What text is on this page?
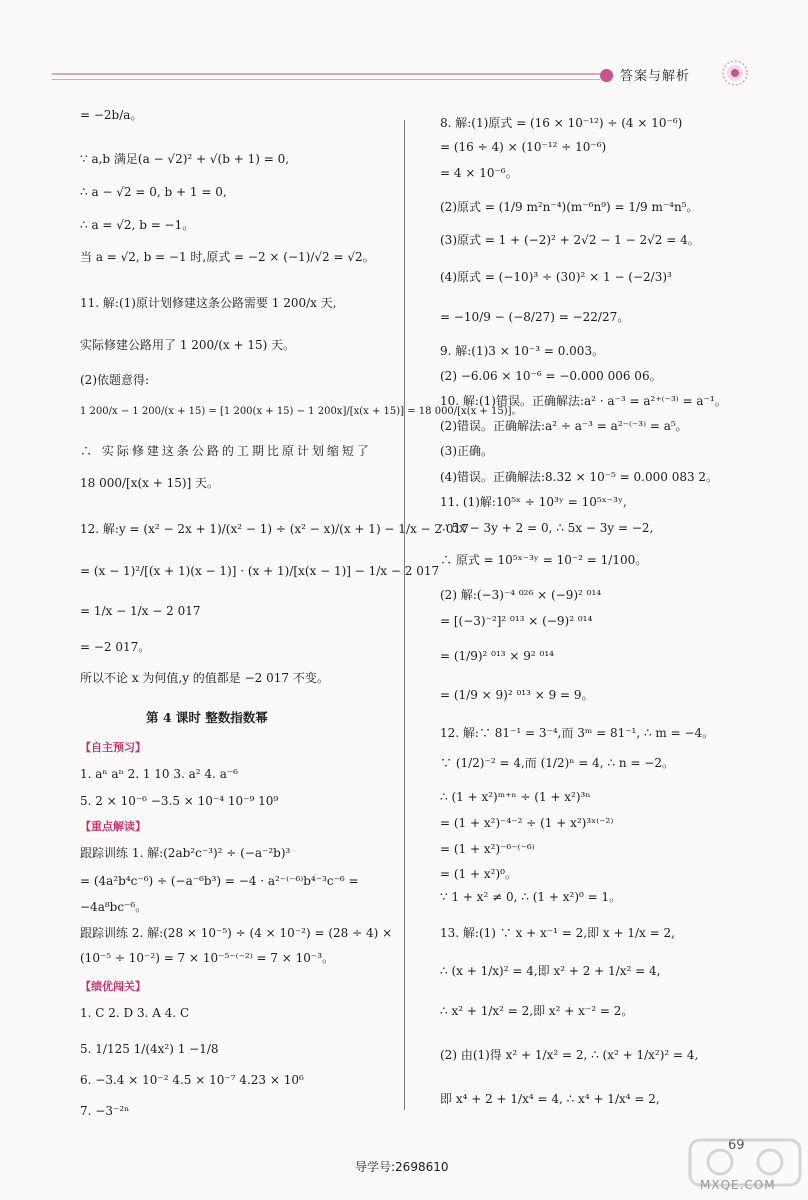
答案与解析
= −2b/a。
∵ a,b 满足(a − √2)² + √(b + 1) = 0,
∴ a − √2 = 0, b + 1 = 0,
∴ a = √2, b = −1。
当 a = √2, b = −1 时,原式 = −2 × (−1)/√2 = √2。
11. 解:(1)原计划修建这条公路需要 1 200/x 天,
实际修建公路用了 1 200/(x + 15) 天。
(2)依题意得:
1 200/x − 1 200/(x + 15) = [1 200(x + 15) − 1 200x]/[x(x + 15)] = 18 000/[x(x + 15)]。
∴ 实际修建这条公路的工期比原计划缩短了
18 000/[x(x + 15)] 天。
12. 解:y = (x² − 2x + 1)/(x² − 1) ÷ (x² − x)/(x + 1) − 1/x − 2 017
= (x − 1)²/[(x + 1)(x − 1)] · (x + 1)/[x(x − 1)] − 1/x − 2 017
= 1/x − 1/x − 2 017
= −2 017。
所以不论 x 为何值,y 的值都是 −2 017 不变。
第 4 课时 整数指数幂
【自主预习】
1. aⁿ aⁿ 2. 1 10 3. a² 4. a⁻⁶
5. 2 × 10⁻⁶ −3.5 × 10⁻⁴ 10⁻⁹ 10⁹
【重点解读】
跟踪训练 1. 解:(2ab²c⁻³)² ÷ (−a⁻²b)³
= (4a²b⁴c⁻⁶) ÷ (−a⁻⁶b³) = −4 · a²⁻⁽⁻⁶⁾b⁴⁻³c⁻⁶ =
−4a⁸bc⁻⁶。
跟踪训练 2. 解:(28 × 10⁻⁵) ÷ (4 × 10⁻²) = (28 ÷ 4) ×
(10⁻⁵ ÷ 10⁻²) = 7 × 10⁻⁵⁻⁽⁻²⁾ = 7 × 10⁻³。
【绩优闯关】
1. C 2. D 3. A 4. C
5. 1/125 1/(4x²) 1 −1/8
6. −3.4 × 10⁻² 4.5 × 10⁻⁷ 4.23 × 10⁶
7. −3⁻²ⁿ
8. 解:(1)原式 = (16 × 10⁻¹²) ÷ (4 × 10⁻⁶)
= (16 ÷ 4) × (10⁻¹² ÷ 10⁻⁶)
= 4 × 10⁻⁶。
(2)原式 = (1/9 m²n⁻⁴)(m⁻⁶n⁹) = 1/9 m⁻⁴n⁵。
(3)原式 = 1 + (−2)² + 2√2 − 1 − 2√2 = 4。
(4)原式 = (−10)³ ÷ (30)² × 1 − (−2/3)³
= −10/9 − (−8/27) = −22/27。
9. 解:(1)3 × 10⁻³ = 0.003。
(2) −6.06 × 10⁻⁶ = −0.000 006 06。
10. 解:(1)错误。正确解法:a² · a⁻³ = a²⁺⁽⁻³⁾ = a⁻¹。
(2)错误。正确解法:a² ÷ a⁻³ = a²⁻⁽⁻³⁾ = a⁵。
(3)正确。
(4)错误。正确解法:8.32 × 10⁻⁵ = 0.000 083 2。
11. (1)解:10⁵ˣ ÷ 10³ʸ = 10⁵ˣ⁻³ʸ,
∵ 5x − 3y + 2 = 0, ∴ 5x − 3y = −2,
∴ 原式 = 10⁵ˣ⁻³ʸ = 10⁻² = 1/100。
(2) 解:(−3)⁻⁴ ⁰²⁶ × (−9)² ⁰¹⁴
= [(−3)⁻²]² ⁰¹³ × (−9)² ⁰¹⁴
= (1/9)² ⁰¹³ × 9² ⁰¹⁴
= (1/9 × 9)² ⁰¹³ × 9 = 9。
12. 解:∵ 81⁻¹ = 3⁻⁴,而 3ᵐ = 81⁻¹, ∴ m = −4。
∵ (1/2)⁻² = 4,而 (1/2)ⁿ = 4, ∴ n = −2。
∴ (1 + x²)ᵐ⁺ⁿ ÷ (1 + x²)³ⁿ
= (1 + x²)⁻⁴⁻² ÷ (1 + x²)³ˣ⁽⁻²⁾
= (1 + x²)⁻⁶⁻⁽⁻⁶⁾
= (1 + x²)⁰。
∵ 1 + x² ≠ 0, ∴ (1 + x²)⁰ = 1。
13. 解:(1) ∵ x + x⁻¹ = 2,即 x + 1/x = 2,
∴ (x + 1/x)² = 4,即 x² + 2 + 1/x² = 4,
∴ x² + 1/x² = 2,即 x² + x⁻² = 2。
(2) 由(1)得 x² + 1/x² = 2, ∴ (x² + 1/x²)² = 4,
即 x⁴ + 2 + 1/x⁴ = 4, ∴ x⁴ + 1/x⁴ = 2,
导学号:2698610
69
MXQE.COM
